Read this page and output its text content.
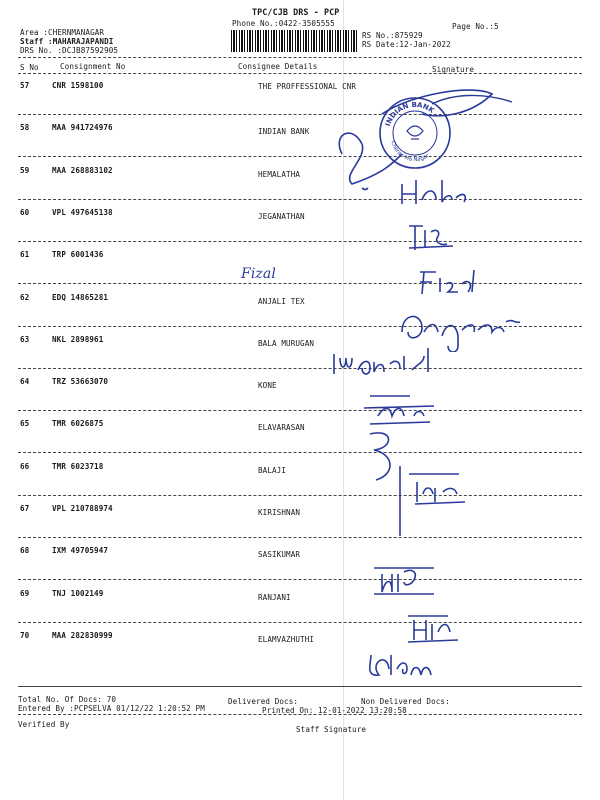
TPC/CJB DRS - PCP
Phone No.:0422-3505555
Area :CHERNMANAGAR
Staff :MAHARAJAPANDI
DRS No. :DCJB87592905
RS No.:875929
RS Date:12-Jan-2022
Page No.:5
S No	Consignment No	Consignee Details	Signature
57	CNR 1598100	THE PROFFESSIONAL CNR
58	MAA 941724976	INDIAN BANK
59	MAA 268883102	HEMALATHA
60	VPL 497645138	JEGANATHAN
61	TRP 6001436
62	EDQ 14865281	ANJALI TEX
63	NKL 2898961	BALA MURUGAN
64	TRZ 53663070	KONE
65	TMR 6026875	ELAVARASAN
66	TMR 6023718	BALAJI
67	VPL 210788974	KIRISHNAN
68	IXM 49705947	SASIKUMAR
69	TNJ 1002149	RANJANI
70	MAA 282830999	ELAMVAZHUTHI
Fizal
Total No. Of Docs: 70	Delivered Docs:	Non Delivered Docs:
Entered By :PCPSELVA 01/12/22 1:20:52 PM	Printed On: 12-01-2022 13:20:58
Verified By
Staff Signature
INDIAN BANK
Cheran Ma Nagar
